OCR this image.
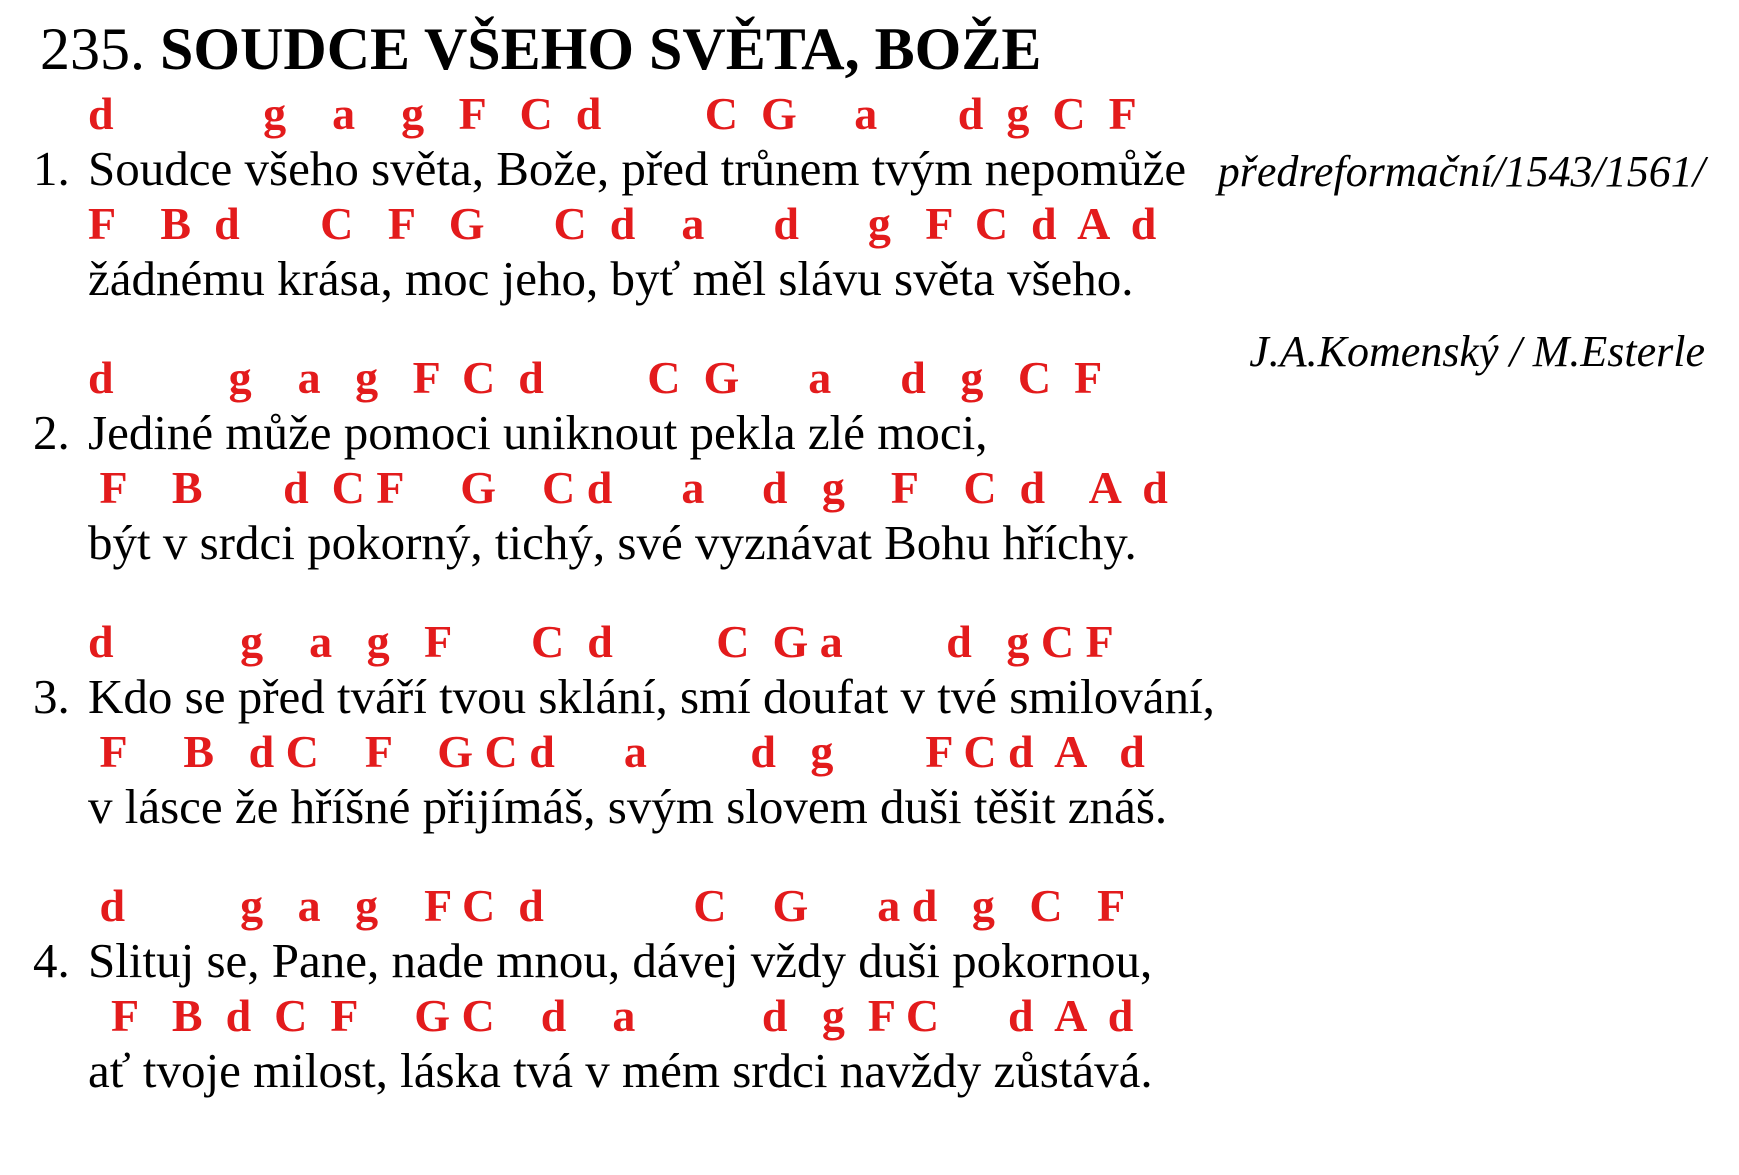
předreformační/1543/1561/

J.A.Komenský / M.Esterle

235. SOUDCE VŠEHO SVĚTA, BOŽE
d             g    a    g   F   C  d         C  G     a       d  g  C  F
1. Soudce všeho světa, Bože, před trůnem tvým nepomůže
F    B  d       C   F   G      C  d    a      d      g   F  C  d  A  d
žádnému krása, moc jeho, byť měl slávu světa všeho.
d          g    a   g   F  C  d         C  G      a      d   g   C  F
2. Jediné může pomoci uniknout pekla zlé moci,
F    B       d  C F     G    C d      a     d   g    F    C  d    A  d
být v srdci pokorný, tichý, své vyznávat Bohu hříchy.
d           g    a   g   F       C  d         C  G a         d   g C F
3. Kdo se před tváří tvou sklání, smí doufat v tvé smilování,
F     B   d C    F    G C d      a         d   g        F C d  A   d
v lásce že hříšné přijímáš, svým slovem duši těšit znáš.
d          g   a   g    F C  d             C    G      a d   g   C   F
4. Slituj se, Pane, nade mnou, dávej vždy duši pokornou,
F   B  d  C  F     G C    d    a           d   g  F C      d  A  d
ať tvoje milost, láska tvá v mém srdci navždy zůstává.
